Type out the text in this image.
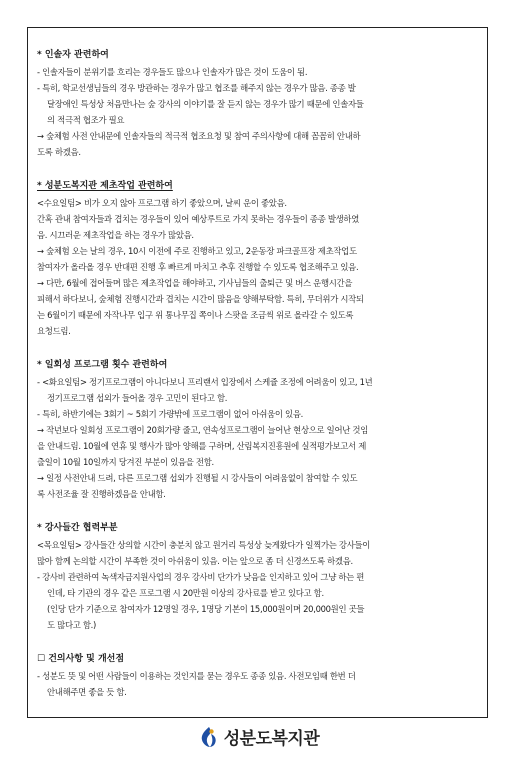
* 인솔자 관련하여
- 인솔자들이 분위기를 흐리는 경우들도 많으나 인솔자가 많은 것이 도움이 됨.
- 특히, 학교선생님들의 경우 방관하는 경우가 많고 협조를 해주지 않는 경우가 많음. 종종 발
달장애인 특성상 처음만나는 숲 강사의 이야기를 잘 듣지 않는 경우가 많기 때문에 인솔자들
의 적극적 협조가 필요
→ 숲체험 사전 안내문에 인솔자들의 적극적 협조요청 및 참여 주의사항에 대해 꼼꼼히 안내하
도록 하겠음.
* 성분도복지관 제초작업 관련하여
<수요일팀> 비가 오지 않아 프로그램 하기 좋았으며, 날씨 운이 좋았음.
간혹 관내 참여자들과 겹치는 경우들이 있어 예상루트로 가지 못하는 경우들이 종종 발생하였
음. 시끄러운 제초작업을 하는 경우가 많았음.
→ 숲체험 오는 날의 경우, 10시 이전에 주로 진행하고 있고, 2운동장 파크골프장 제초작업도
참여자가 올라올 경우 반대편 진행 후 빠르게 마치고 추후 진행할 수 있도록 협조해주고 있음.
→ 다만, 6월에 접어들며 많은 제초작업을 해야하고, 기사님들의 출퇴근 및 버스 운행시간을
피해서 하다보니, 숲체험 진행시간과 겹치는 시간이 많음을 양해부탁함. 특히, 무더위가 시작되
는 6월이기 때문에 자작나무 입구 위 통나무집 쪽이나 스팟을 조금씩 위로 올라갈 수 있도록
요청드림.
* 일회성 프로그램 횟수 관련하여
- <화요일팀> 정기프로그램이 아니다보니 프리랜서 입장에서 스케쥴 조정에 어려움이 있고, 1년
정기프로그램 섭외가 들어올 경우 고민이 된다고 함.
- 특히, 하반기에는 3회기 ~ 5회기 가량밖에 프로그램이 없어 아쉬움이 있음.
→ 작년보다 일회성 프로그램이 20회가량 줄고, 연속성프로그램이 늘어난 현상으로 일어난 것임
을 안내드림. 10월에 연휴 및 행사가 많아 양해를 구하며, 산림복지진흥원에 실적평가보고서 제
출일이 10월 10일까지 당겨진 부분이 있음을 전함.
→ 일정 사전안내 드려, 다른 프로그램 섭외가 진행될 시 강사들이 어려움없이 참여할 수 있도
록 사전조율 잘 진행하겠음을 안내함.
* 강사들간 협력부분
<목요일팀> 강사들간 상의할 시간이 충분치 않고 원거리 특성상 늦게왔다가 일찍가는 강사들이
많아 함께 논의할 시간이 부족한 것이 아쉬움이 있음. 이는 앞으로 좀 더 신경쓰도록 하겠음.
- 강사비 관련하여 녹색자금지원사업의 경우 강사비 단가가 낮음을 인지하고 있어 그냥 하는 편
인데, 타 기관의 경우 같은 프로그램 시 20만원 이상의 강사료를 받고 있다고 함.
(인당 단가 기준으로 참여자가 12명일 경우, 1명당 기본이 15,000원이며 20,000원인 곳들
도 많다고 함.)
☐ 건의사항 및 개선점
- 성분도 뜻 및 어떤 사람들이 이용하는 것인지를 묻는 경우도 종종 있음. 사전모임때 한번 더
안내해주면 좋을 듯 함.
성분도복지관
